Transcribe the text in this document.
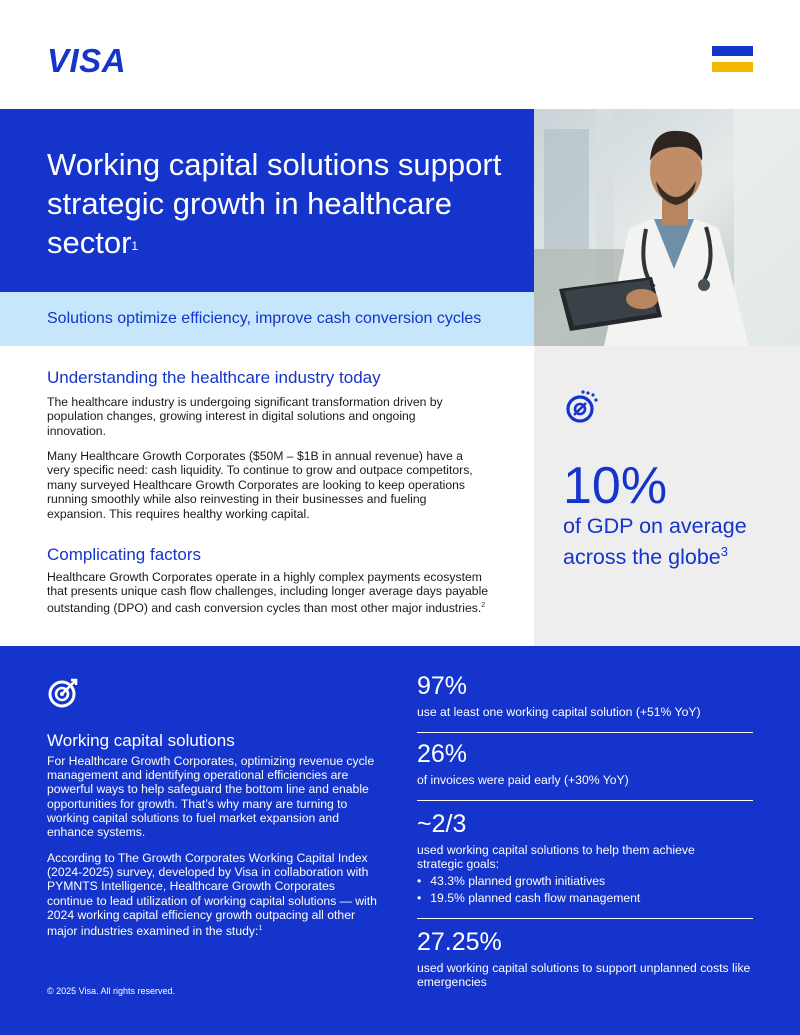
VISA
Working capital solutions support strategic growth in healthcare sector$^1$
Solutions optimize efficiency, improve cash conversion cycles
Understanding the healthcare industry today

The healthcare industry is undergoing significant transformation driven by population changes, growing interest in digital solutions and ongoing innovation.

Many Healthcare Growth Corporates ($50M – $1B in annual revenue) have a very specific need: cash liquidity. To continue to grow and outpace competitors, many surveyed Healthcare Growth Corporates are looking to keep operations running smoothly while also reinvesting in their businesses and fueling expansion. This requires healthy working capital.

Complicating factors

Healthcare Growth Corporates operate in a highly complex payments ecosystem that presents unique cash flow challenges, including longer average days payable outstanding (DPO) and cash conversion cycles than most other major industries.$^2$

10%
of GDP on average across the globe$^3$
Working capital solutions

For Healthcare Growth Corporates, optimizing revenue cycle management and identifying operational efficiencies are powerful ways to help safeguard the bottom line and enable opportunities for growth. That’s why many are turning to working capital solutions to fuel market expansion and enhance systems.

According to The Growth Corporates Working Capital Index (2024-2025) survey, developed by Visa in collaboration with PYMNTS Intelligence, Healthcare Growth Corporates continue to lead utilization of working capital solutions — with 2024 working capital efficiency growth outpacing all other major industries examined in the study:$^1$

© 2025 Visa. All rights reserved.
97%
use at least one working capital solution (+51% YoY)
26%
of invoices were paid early (+30% YoY)
~2/3
used working capital solutions to help them achieve strategic goals:
• 43.3% planned growth initiatives
• 19.5% planned cash flow management
27.25%
used working capital solutions to support unplanned costs like emergencies
